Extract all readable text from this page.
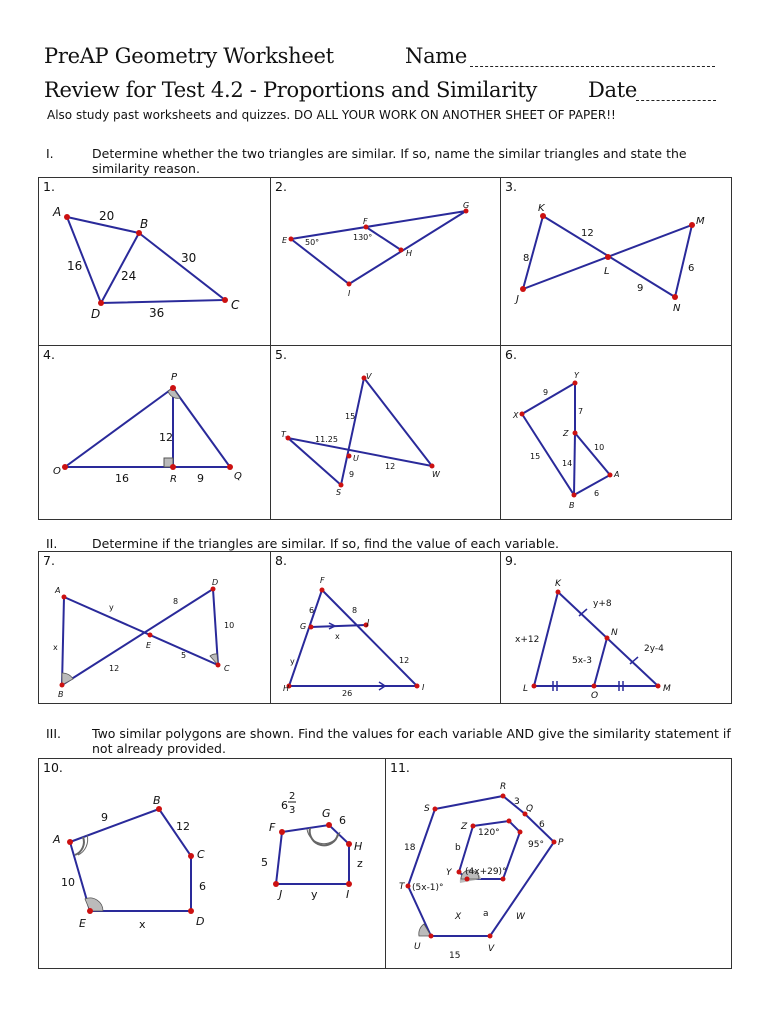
PreAP Geometry Worksheet	Name
Review for Test 4.2 - Proportions and Similarity Date
Also study past worksheets and quizzes. DO ALL YOUR WORK ON ANOTHER SHEET OF PAPER!!
I.	Determine whether the two triangles are similar. If so, name the similar triangles and state the similarity reason.
1.
A
B
C
D
20
16
24
30
36
2.
E
F
G
H
I
50°
130°
3.
K
M
L
J
N
12
8
6
9
4.
P
O
R	Q
12
16	9
5.
V
T
U
S
W
15
11.25
9
12
6.
Y
X
Z
A
B
9
7
10
15
14
6
II.	Determine if the triangles are similar. If so, find the value of each variable.
7.
A
B
E
D
C
y
x
12
8
10
5
8.
F
G	J
H	I
6	8
x
y	12
26
9.
K
N
L
O
M
y+8
x+12
5x-3
2y-4
III. Two similar polygons are shown. Find the values for each variable AND give the similarity statement if not already provided.
10.
A
B
C
D
E
F
G
H
I
J
9
12
6
x
10
6
2
3
6
z
y
5
11.
R
S	Q
P
T
U	V
W
X
Y
Z
3
6
18
15
b
a
120°
95°
(4x+29)°
(5x-1)°
